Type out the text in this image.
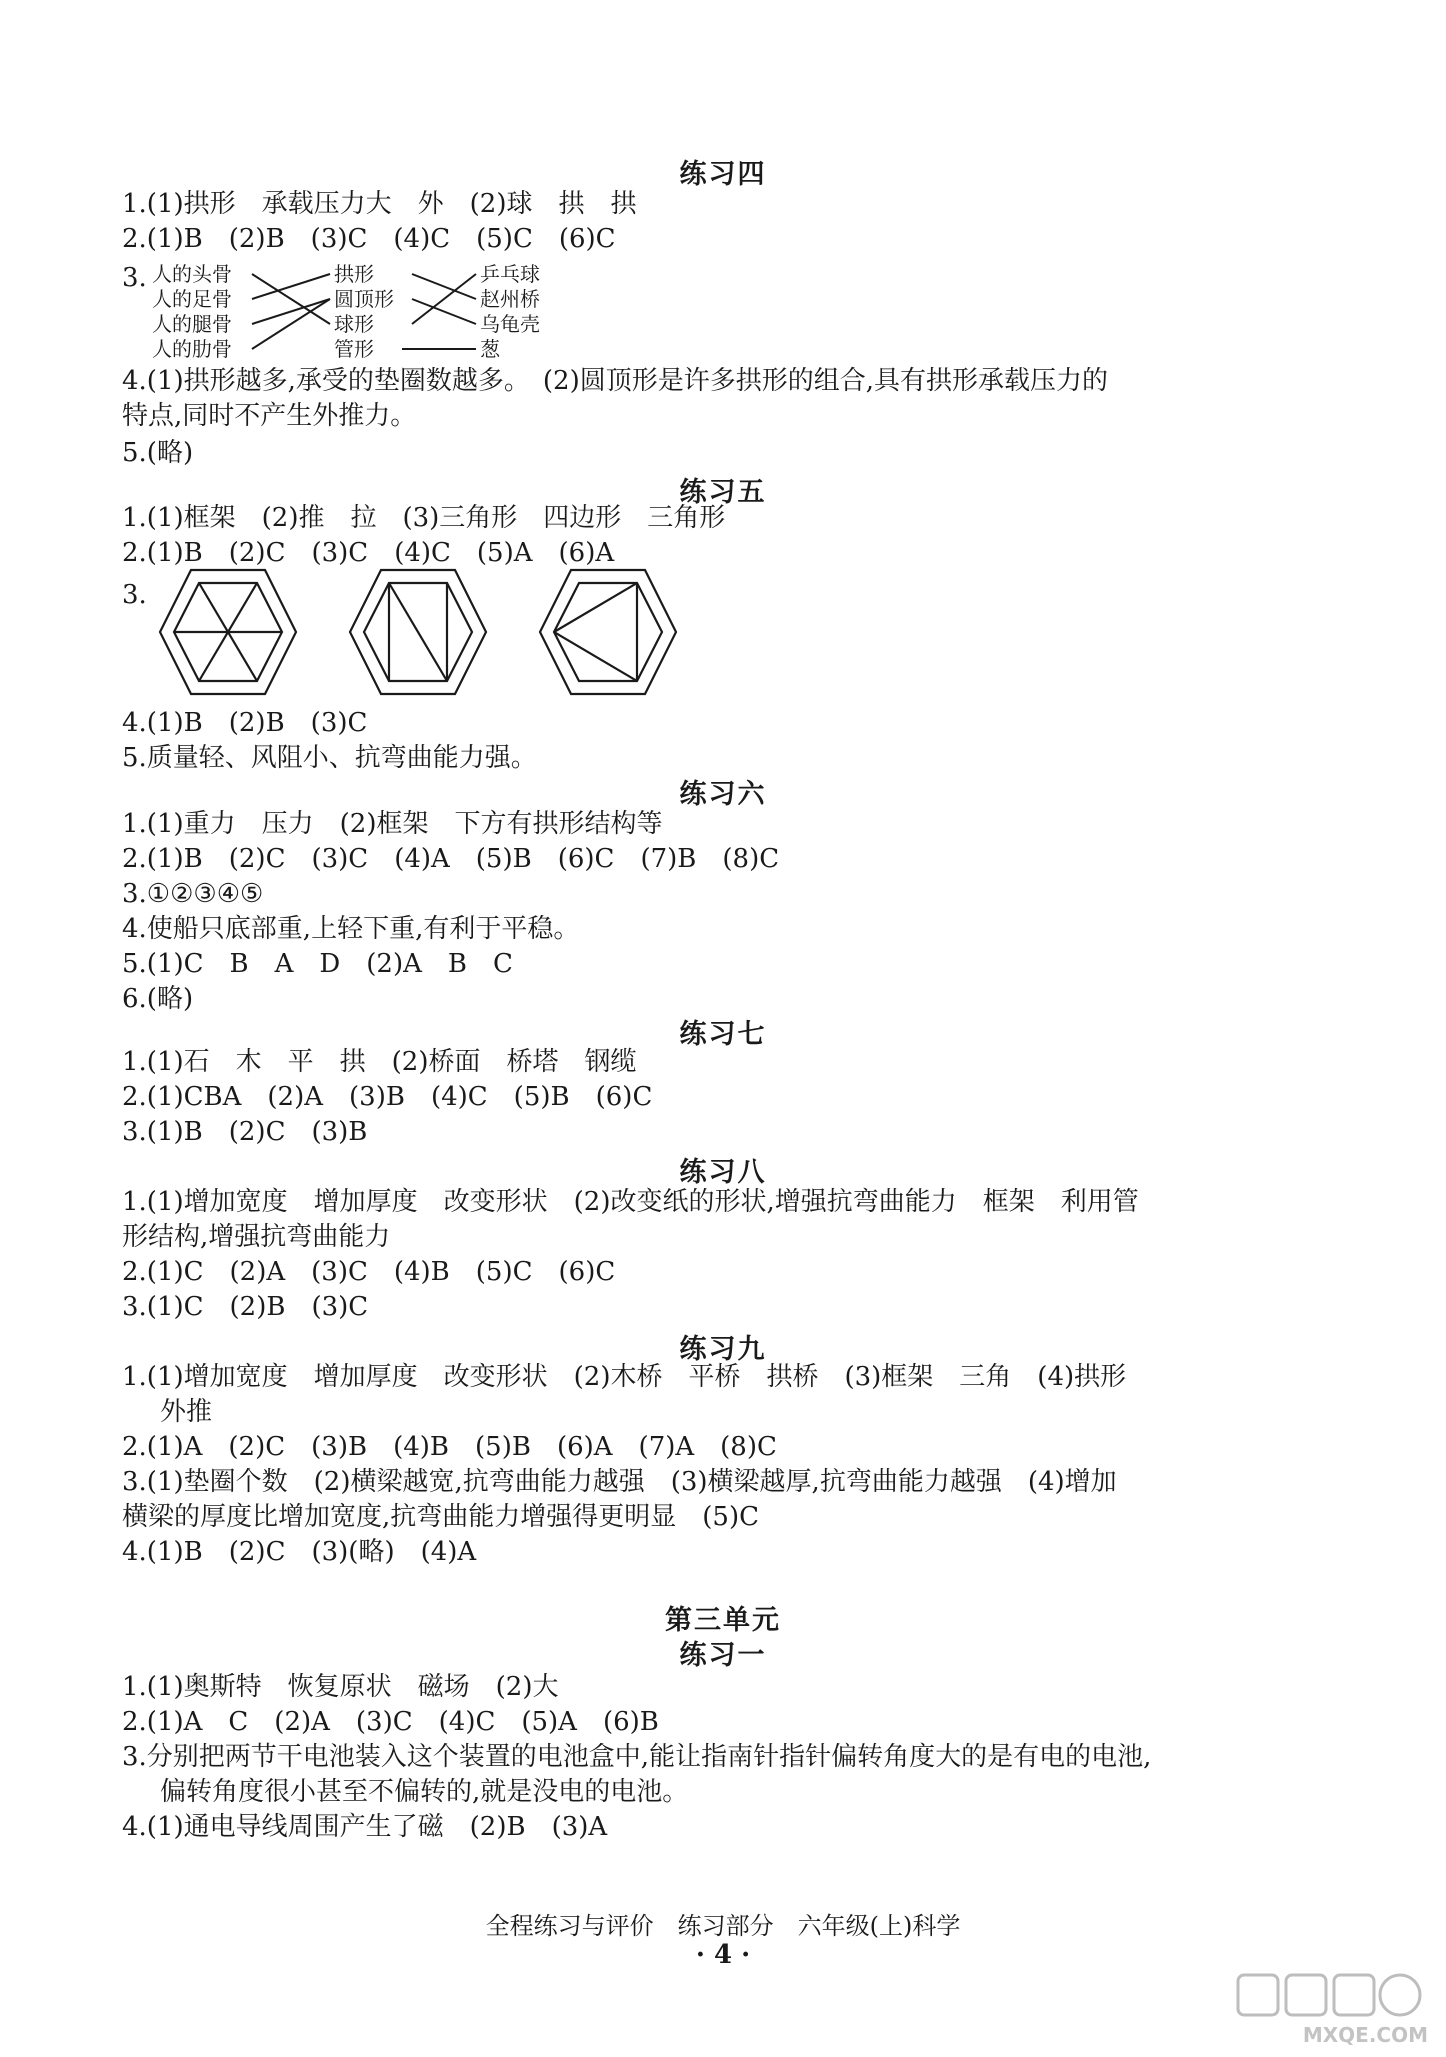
练习四
1.(1)拱形　承载压力大　外　(2)球　拱　拱
2.(1)B　(2)B　(3)C　(4)C　(5)C　(6)C
3. 人的头骨
人的足骨
人的腿骨
人的肋骨
拱形
圆顶形
球形
管形
乒乓球
赵州桥
乌龟壳
葱
4.(1)拱形越多,承受的垫圈数越多。　(2)圆顶形是许多拱形的组合,具有拱形承载压力的
特点,同时不产生外推力。
5.(略)
练习五
1.(1)框架　(2)推　拉　(3)三角形　四边形　三角形
2.(1)B　(2)C　(3)C　(4)C　(5)A　(6)A
3.
4.(1)B　(2)B　(3)C
5.质量轻、风阻小、抗弯曲能力强。
练习六
1.(1)重力　压力　(2)框架　下方有拱形结构等
2.(1)B　(2)C　(3)C　(4)A　(5)B　(6)C　(7)B　(8)C
3.①②③④⑤
4.使船只底部重,上轻下重,有利于平稳。
5.(1)C　B　A　D　(2)A　B　C
6.(略)
练习七
1.(1)石　木　平　拱　(2)桥面　桥塔　钢缆
2.(1)CBA　(2)A　(3)B　(4)C　(5)B　(6)C
3.(1)B　(2)C　(3)B
练习八
1.(1)增加宽度　增加厚度　改变形状　(2)改变纸的形状,增强抗弯曲能力　框架　利用管
形结构,增强抗弯曲能力
2.(1)C　(2)A　(3)C　(4)B　(5)C　(6)C
3.(1)C　(2)B　(3)C
练习九
1.(1)增加宽度　增加厚度　改变形状　(2)木桥　平桥　拱桥　(3)框架　三角　(4)拱形
外推
2.(1)A　(2)C　(3)B　(4)B　(5)B　(6)A　(7)A　(8)C
3.(1)垫圈个数　(2)横梁越宽,抗弯曲能力越强　(3)横梁越厚,抗弯曲能力越强　(4)增加
横梁的厚度比增加宽度,抗弯曲能力增强得更明显　(5)C
4.(1)B　(2)C　(3)(略)　(4)A
第三单元
练习一
1.(1)奥斯特　恢复原状　磁场　(2)大
2.(1)A　C　(2)A　(3)C　(4)C　(5)A　(6)B
3.分别把两节干电池装入这个装置的电池盒中,能让指南针指针偏转角度大的是有电的电池,
偏转角度很小甚至不偏转的,就是没电的电池。
4.(1)通电导线周围产生了磁　(2)B　(3)A
全程练习与评价　练习部分　六年级(上)科学
· 4 ·
MXQE.COM
